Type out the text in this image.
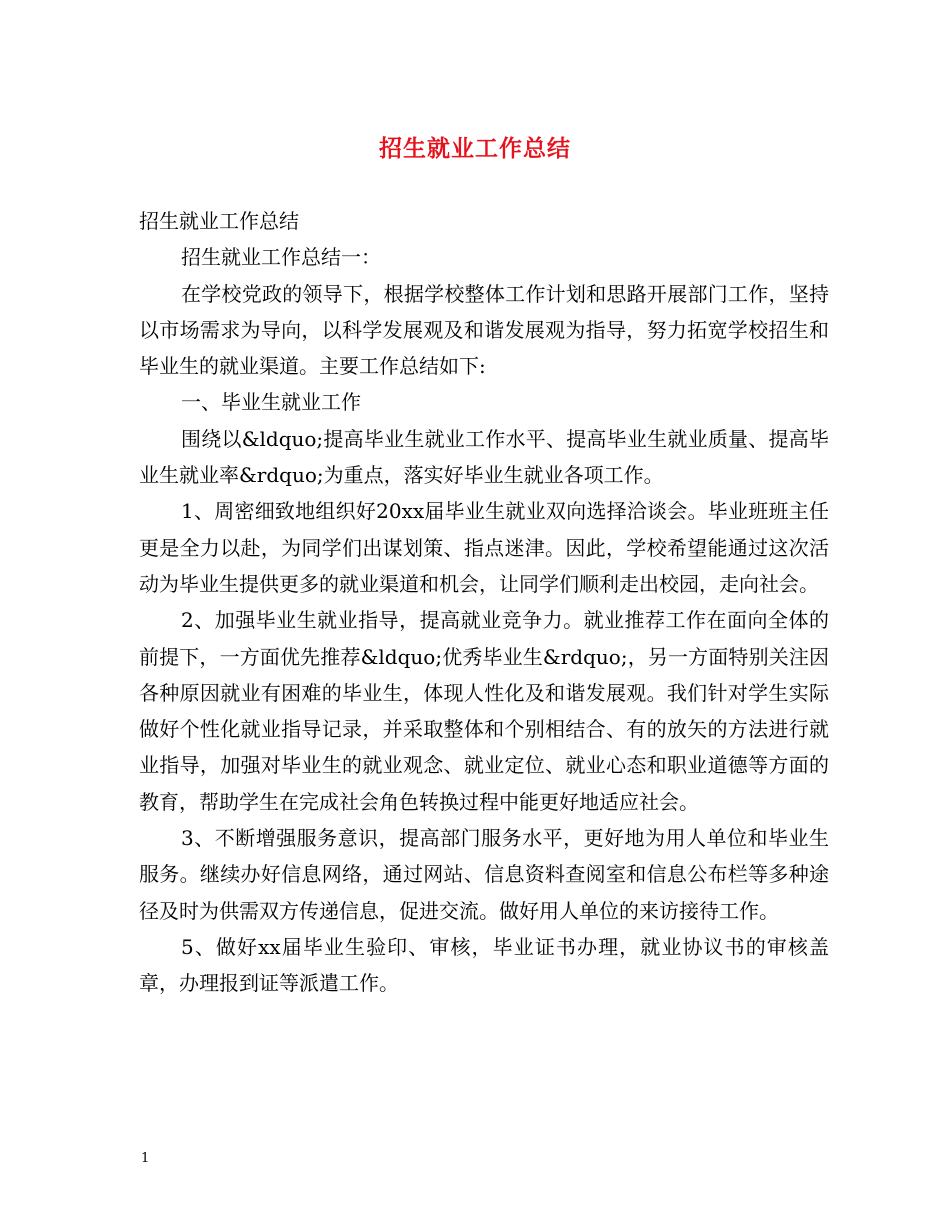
招生就业工作总结

招生就业工作总结

招生就业工作总结一：

在学校党政的领导下，根据学校整体工作计划和思路开展部门工作，坚持以市场需求为导向，以科学发展观及和谐发展观为指导，努力拓宽学校招生和毕业生的就业渠道。主要工作总结如下:

一、毕业生就业工作

围绕以&ldquo;提高毕业生就业工作水平、提高毕业生就业质量、提高毕业生就业率&rdquo;为重点，落实好毕业生就业各项工作。

1、周密细致地组织好20xx届毕业生就业双向选择洽谈会。毕业班班主任更是全力以赴，为同学们出谋划策、指点迷津。因此，学校希望能通过这次活动为毕业生提供更多的就业渠道和机会，让同学们顺利走出校园，走向社会。

2、加强毕业生就业指导，提高就业竞争力。就业推荐工作在面向全体的前提下，一方面优先推荐&ldquo;优秀毕业生&rdquo;，另一方面特别关注因各种原因就业有困难的毕业生，体现人性化及和谐发展观。我们针对学生实际做好个性化就业指导记录，并采取整体和个别相结合、有的放矢的方法进行就业指导，加强对毕业生的就业观念、就业定位、就业心态和职业道德等方面的教育，帮助学生在完成社会角色转换过程中能更好地适应社会。

3、不断增强服务意识，提高部门服务水平，更好地为用人单位和毕业生服务。继续办好信息网络，通过网站、信息资料查阅室和信息公布栏等多种途径及时为供需双方传递信息，促进交流。做好用人单位的来访接待工作。

5、做好xx届毕业生验印、审核，毕业证书办理，就业协议书的审核盖章，办理报到证等派遣工作。

1
